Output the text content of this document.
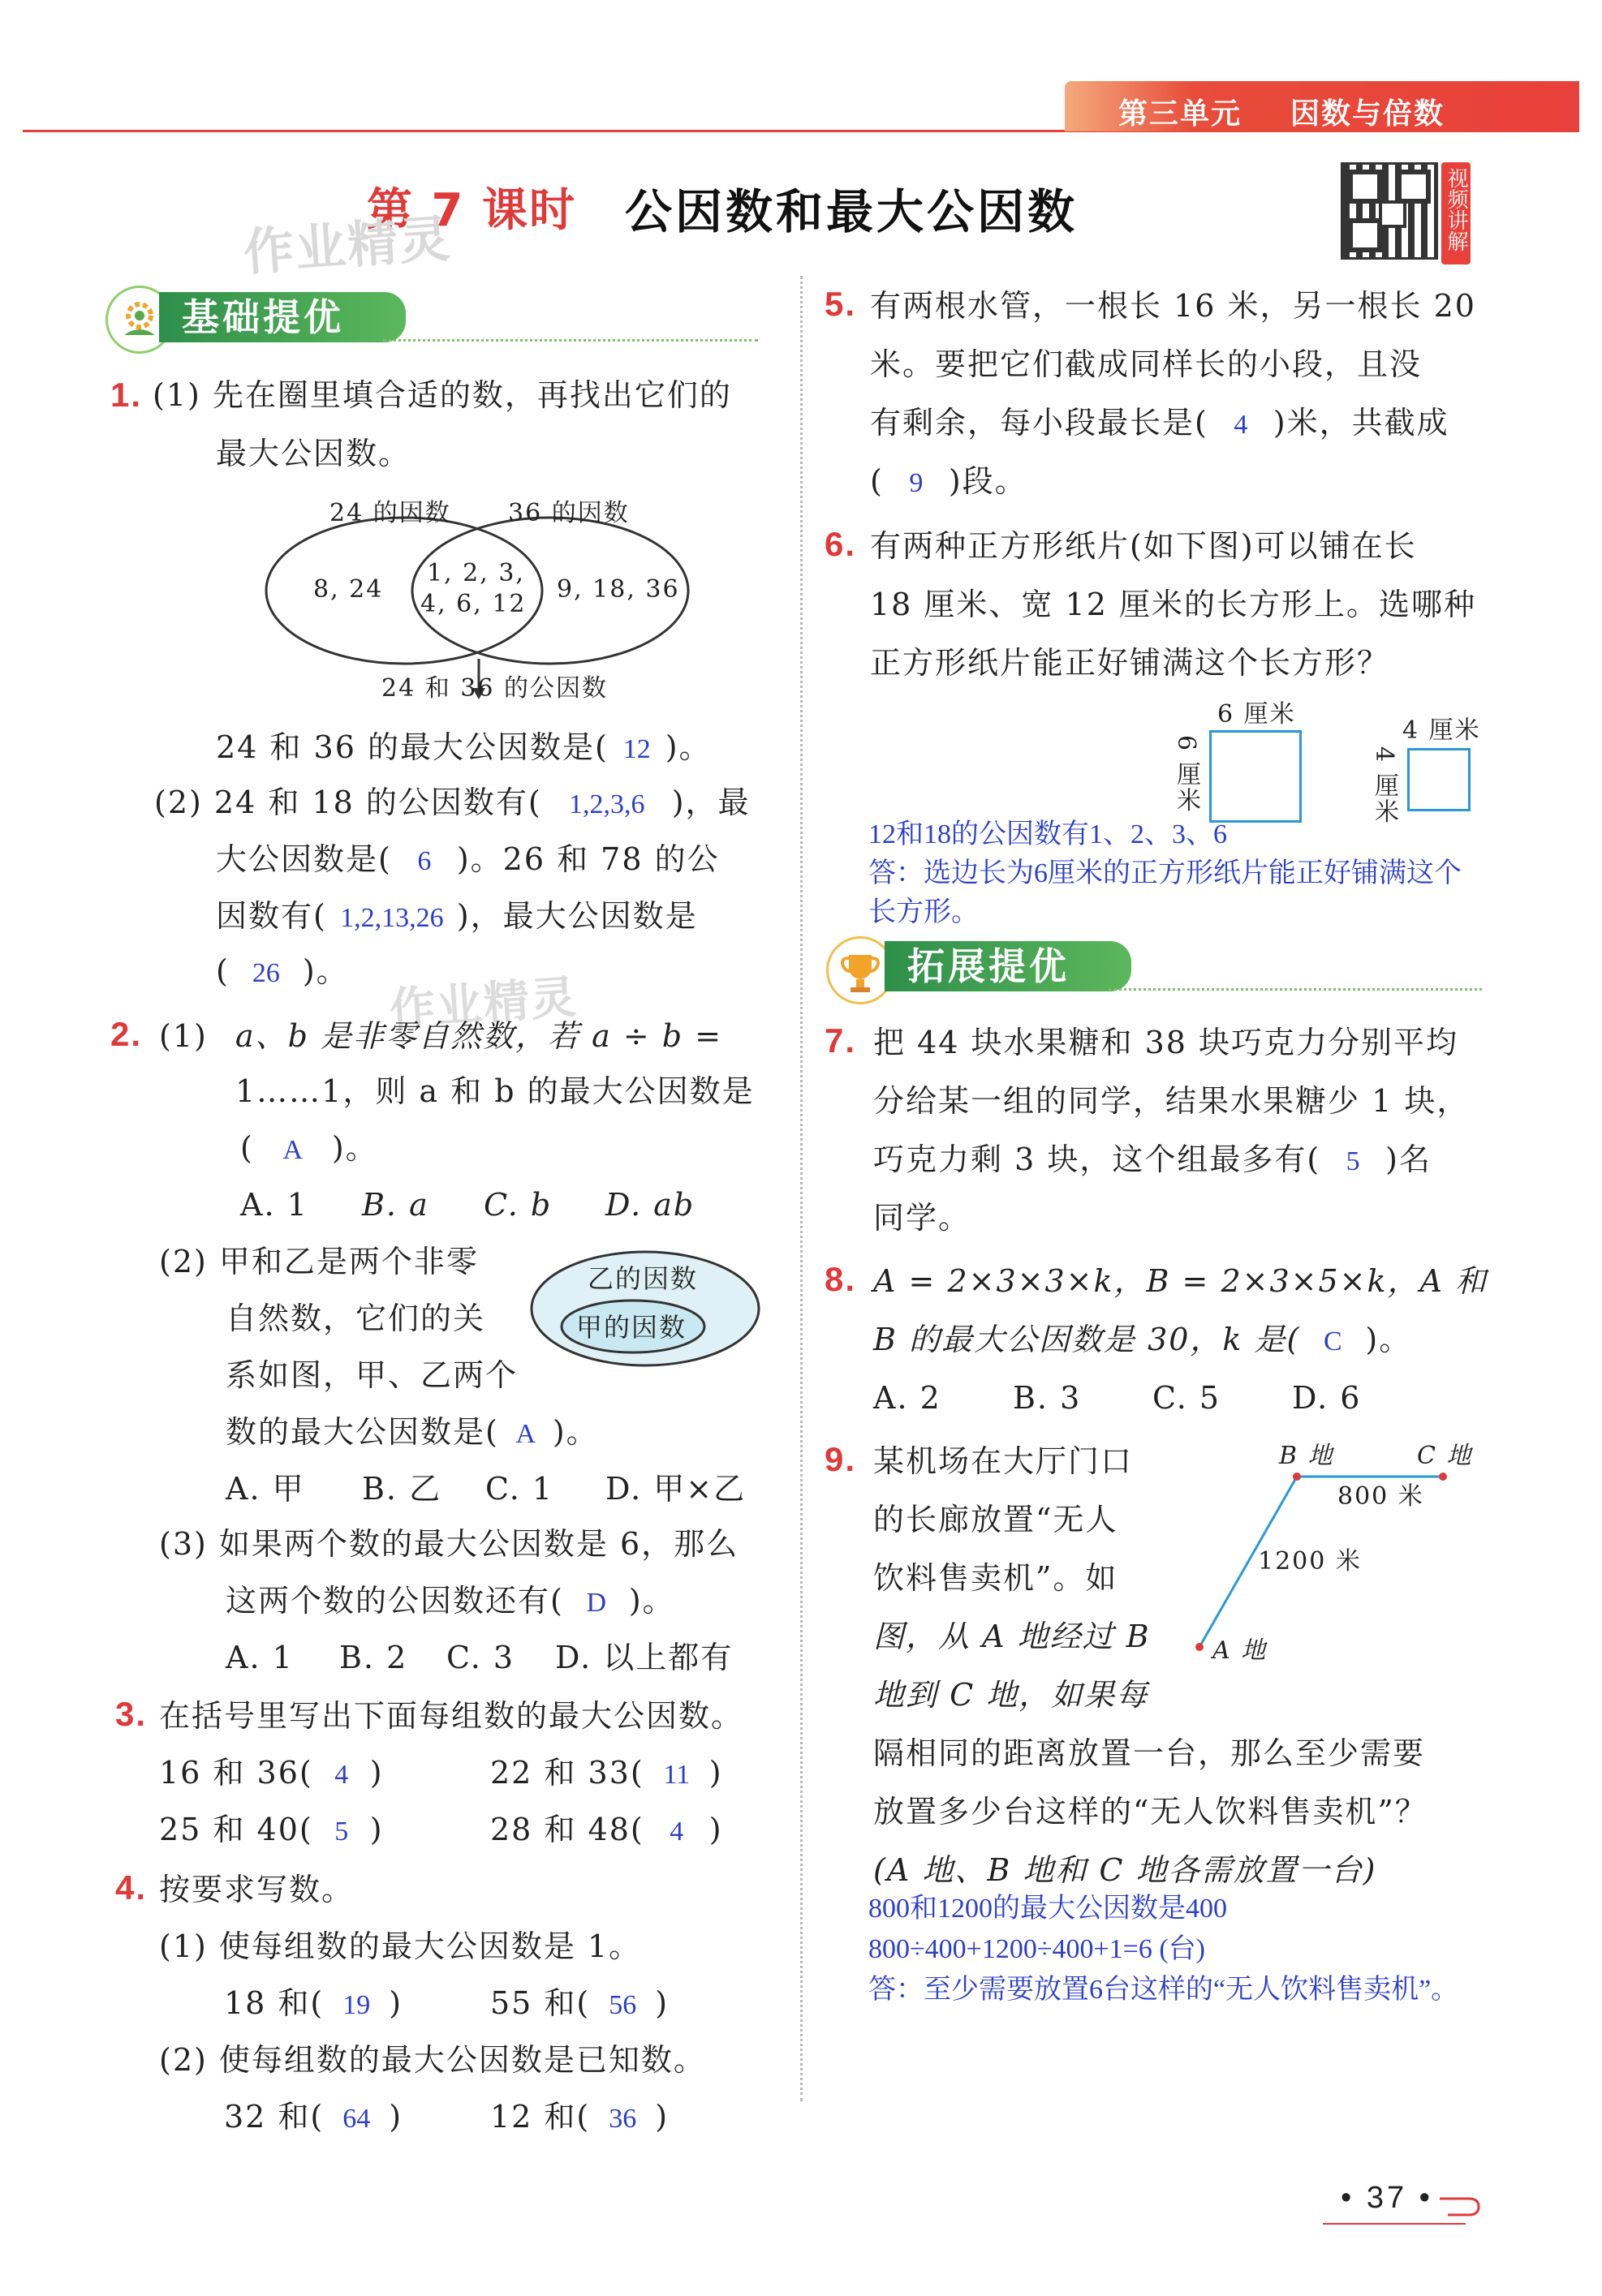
第三单元 因数与倍数
第 7 课时 公因数和最大公因数
作业精灵	视频讲解
基础提优
1. (1) 先在圈里填合适的数，再找出它们的
最大公因数。
24 的因数 36 的因数
8, 24
1, 2, 3,
4, 6, 12
9, 18, 36
24 和 36 的公因数
24 和 36 的最大公因数是( 12 )。
(2) 24 和 18 的公因数有( 1,2,3,6 )，最
大公因数是( 6 )。26 和 78 的公
因数有( 1,2,13,26 )，最大公因数是
( 26 )。 作业精灵
2. (1) a、b 是非零自然数，若 a ÷ b =
1……1，则 a 和 b 的最大公因数是
( A )。
A. 1 B. a C. b D. ab
(2) 甲和乙是两个非零
自然数，它们的关
系如图，甲、乙两个
数的最大公因数是( A )。
乙的因数
甲的因数
A. 甲 B. 乙 C. 1 D. 甲×乙
(3) 如果两个数的最大公因数是 6，那么
这两个数的公因数还有( D )。
A. 1 B. 2 C. 3 D. 以上都有
3. 在括号里写出下面每组数的最大公因数。
16 和 36( 4 )	22 和 33( 11 )
25 和 40( 5 )	28 和 48( 4 )
4. 按要求写数。
(1) 使每组数的最大公因数是 1。
18 和( 19 )	55 和( 56 )
(2) 使每组数的最大公因数是已知数。
32 和( 64 )	12 和( 36 )
5. 有两根水管，一根长 16 米，另一根长 20
米。要把它们截成同样长的小段，且没
有剩余，每小段最长是( 4 )米，共截成
( 9 )段。
6. 有两种正方形纸片(如下图)可以铺在长
18 厘米、宽 12 厘米的长方形上。选哪种
正方形纸片能正好铺满这个长方形？
6 厘米
6 厘米
4 厘米
4 厘米
12和18的公因数有1、2、3、6
答：选边长为6厘米的正方形纸片能正好铺满这个
长方形。
拓展提优
7. 把 44 块水果糖和 38 块巧克力分别平均
分给某一组的同学，结果水果糖少 1 块，
巧克力剩 3 块，这个组最多有( 5 )名
同学。
8. A = 2×3×3×k，B = 2×3×5×k，A 和
B 的最大公因数是 30，k 是( C )。
A. 2 B. 3 C. 5 D. 6
9. 某机场在大厅门口
的长廊放置“无人
饮料售卖机”。如
图，从 A 地经过 B
地到 C 地，如果每
B 地	C 地
800 米
1200 米
A 地
隔相同的距离放置一台，那么至少需要
放置多少台这样的“无人饮料售卖机”？
(A 地、B 地和 C 地各需放置一台)
800和1200的最大公因数是400
800÷400+1200÷400+1=6 (台)
答：至少需要放置6台这样的“无人饮料售卖机”。
• 37 •
